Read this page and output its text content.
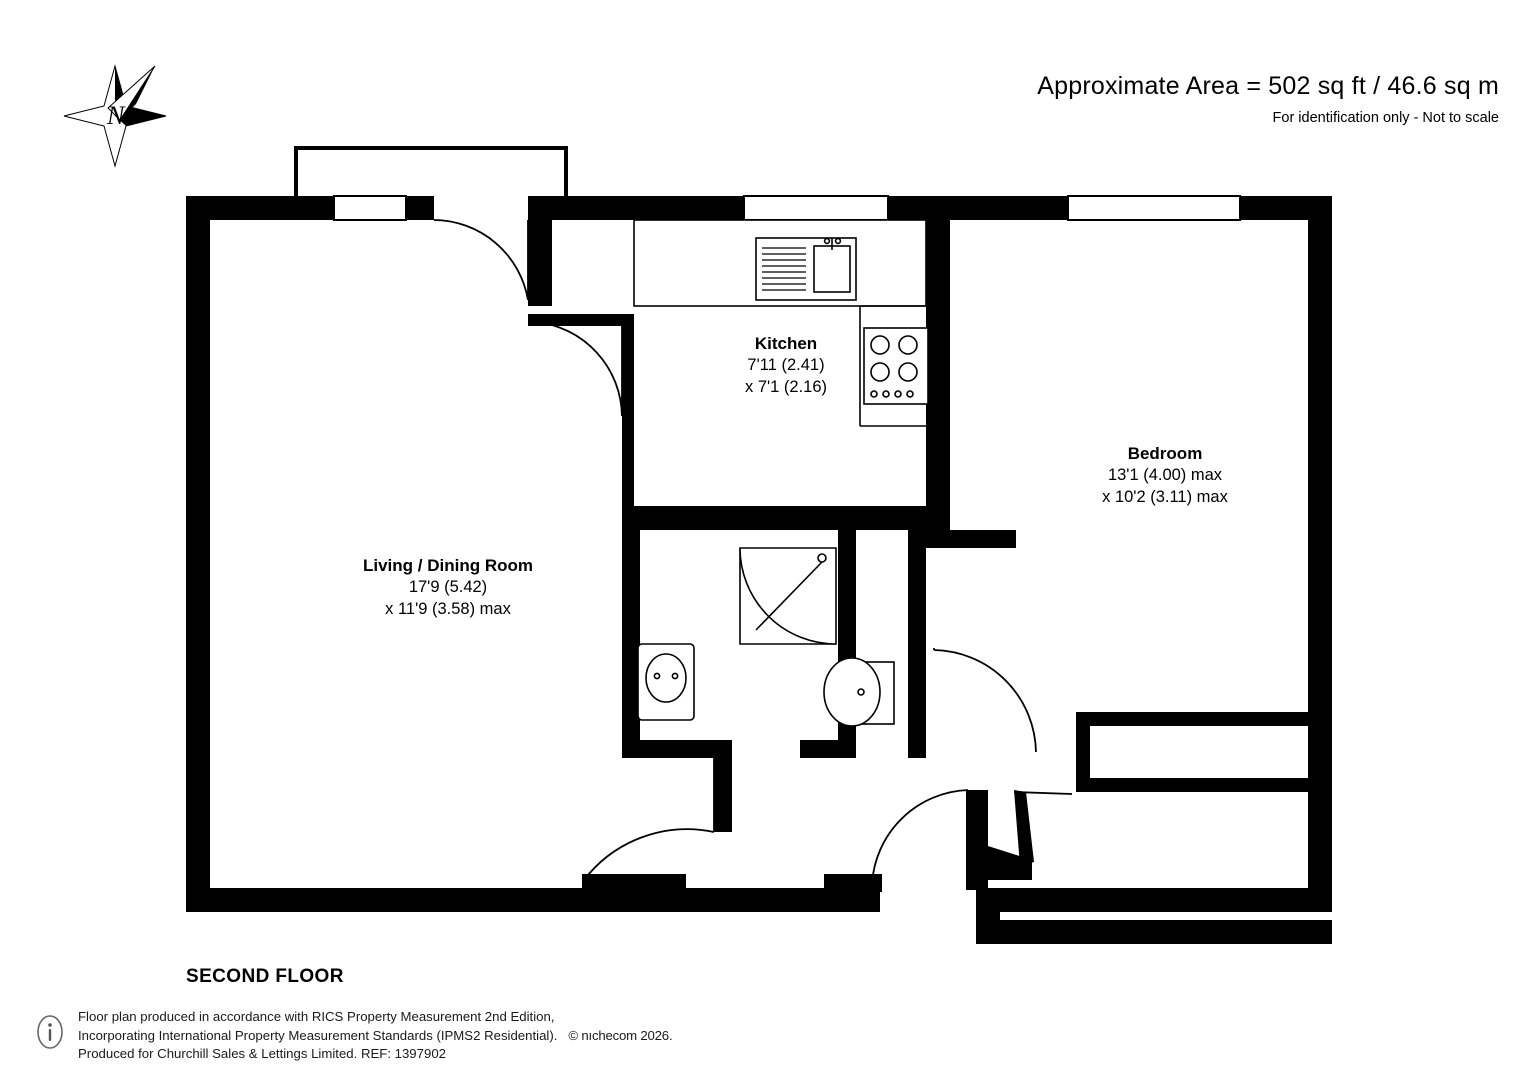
Approximate Area = 502 sq ft / 46.6 sq m
For identification only - Not to scale
N
Kitchen
7'11 (2.41)
x 7'1 (2.16)
Bedroom
13'1 (4.00) max
x 10'2 (3.11) max
Living / Dining Room
17'9 (5.42)
x 11'9 (3.58) max
SECOND FLOOR
Floor plan produced in accordance with RICS Property Measurement 2nd Edition,
Incorporating International Property Measurement Standards (IPMS2 Residential). © nıchecom 2026.
Produced for Churchill Sales & Lettings Limited. REF: 1397902
